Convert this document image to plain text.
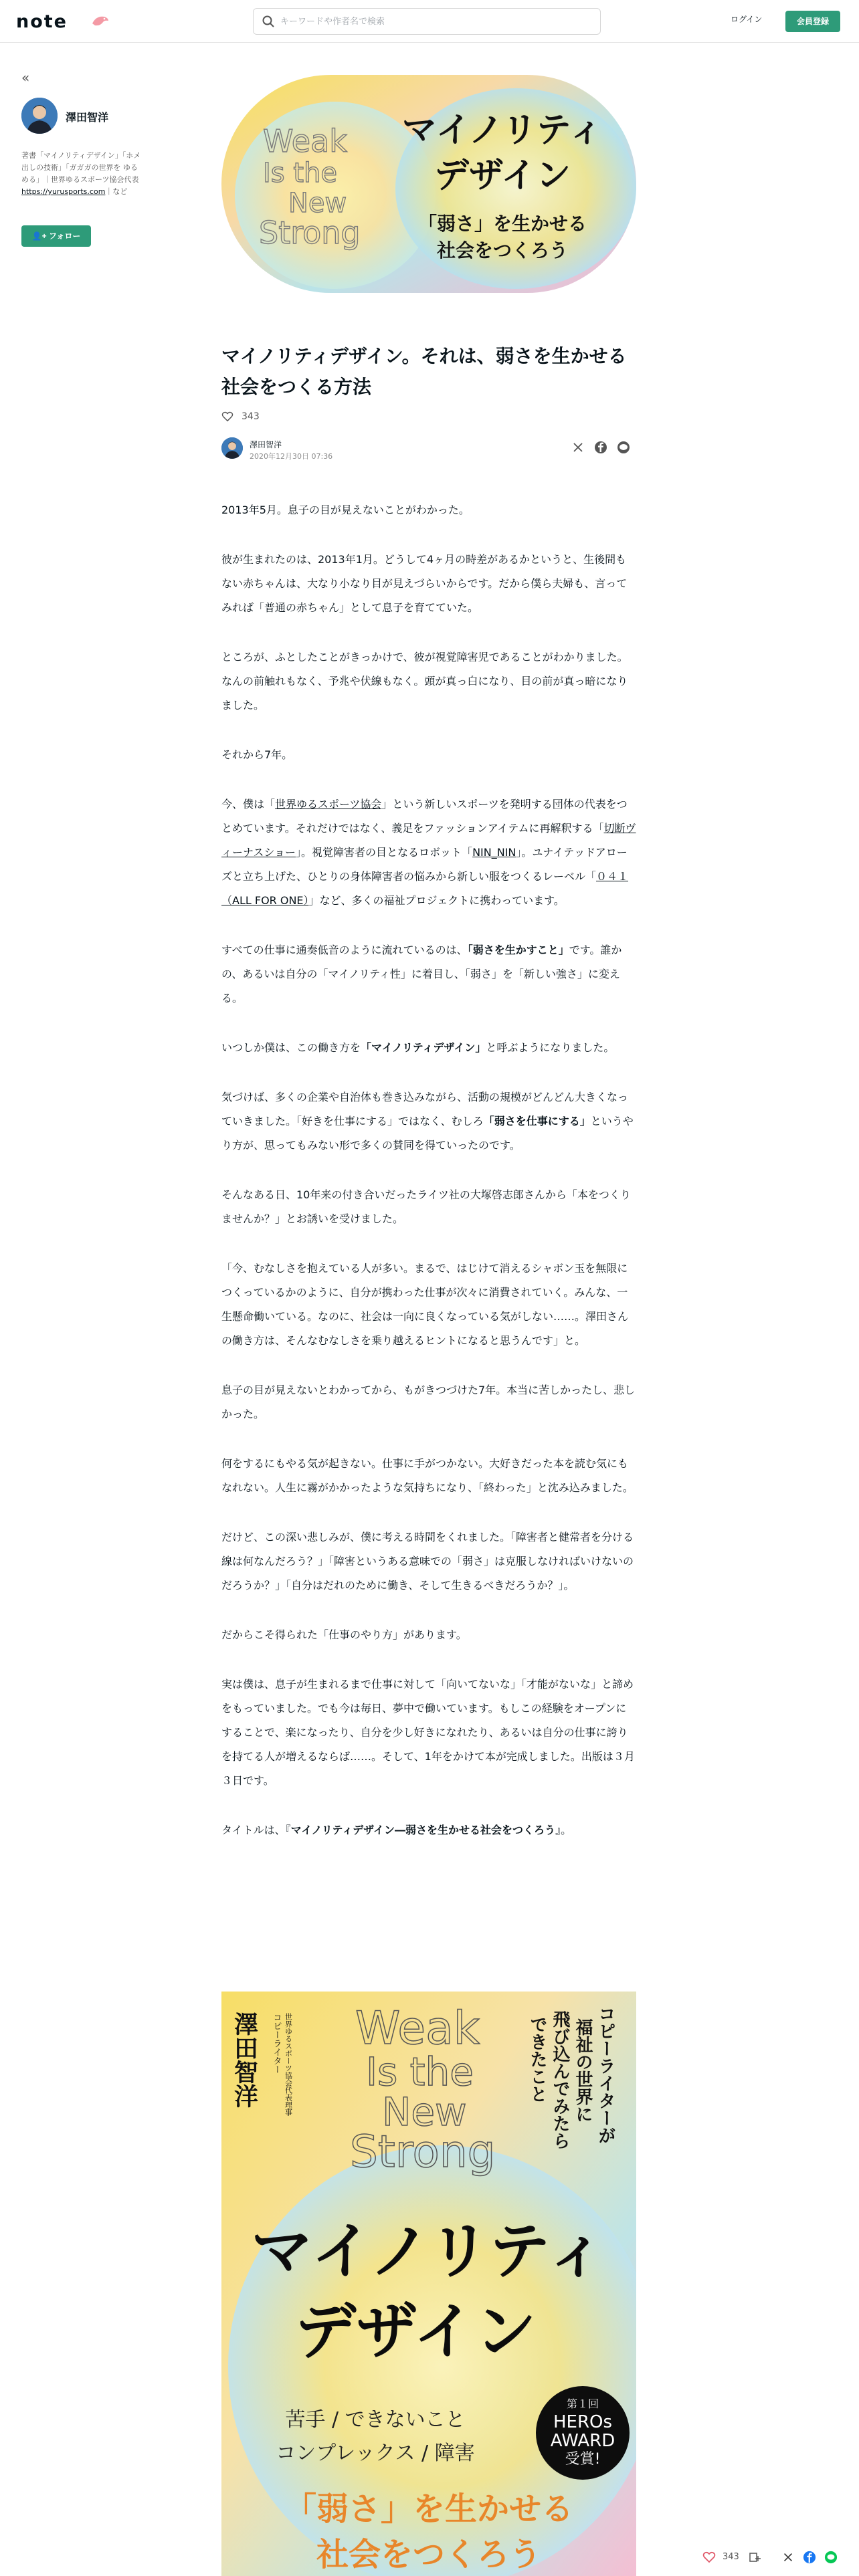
note
キーワードや作者名で検索	ログイン	会員登録
«
澤田智洋
著書「マイノリティデザイン」「ホメ出しの技術」「ガガガの世界を ゆるめる」｜世界ゆるスポーツ協会代表
https://yurusports.com｜など
👤+ フォロー
Weak
Is the
New
Strong
マイノリティ
デザイン
「弱さ」を生かせる
社会をつくろう
マイノリティデザイン。それは、弱さを生かせる社会をつくる方法
343
澤田智洋
2020年12月30日 07:36

2013年5月。息子の目が見えないことがわかった。

彼が生まれたのは、2013年1月。どうして4ヶ月の時差があるかというと、生後間もない赤ちゃんは、大なり小なり目が見えづらいからです。だから僕ら夫婦も、言ってみれば「普通の赤ちゃん」として息子を育てていた。

ところが、ふとしたことがきっかけで、彼が視覚障害児であることがわかりました。なんの前触れもなく、予兆や伏線もなく。頭が真っ白になり、目の前が真っ暗になりました。

それから7年。

今、僕は「世界ゆるスポーツ協会」という新しいスポーツを発明する団体の代表をつとめています。それだけではなく、義足をファッションアイテムに再解釈する「切断ヴィーナスショー」。視覚障害者の目となるロボット「NIN_NIN」。ユナイテッドアローズと立ち上げた、ひとりの身体障害者の悩みから新しい服をつくるレーベル「０４１（ALL FOR ONE）」など、多くの福祉プロジェクトに携わっています。

すべての仕事に通奏低音のように流れているのは、「弱さを生かすこと」です。誰かの、あるいは自分の「マイノリティ性」に着目し、「弱さ」を「新しい強さ」に変える。

いつしか僕は、この働き方を「マイノリティデザイン」と呼ぶようになりました。

気づけば、多くの企業や自治体も巻き込みながら、活動の規模がどんどん大きくなっていきました。「好きを仕事にする」ではなく、むしろ「弱さを仕事にする」というやり方が、思ってもみない形で多くの賛同を得ていったのです。

そんなある日、10年来の付き合いだったライツ社の大塚啓志郎さんから「本をつくりませんか？」とお誘いを受けました。

「今、むなしさを抱えている人が多い。まるで、はじけて消えるシャボン玉を無限につくっているかのように、自分が携わった仕事が次々に消費されていく。みんな、一生懸命働いている。なのに、社会は一向に良くなっている気がしない……。澤田さんの働き方は、そんなむなしさを乗り越えるヒントになると思うんです」と。

息子の目が見えないとわかってから、もがきつづけた7年。本当に苦しかったし、悲しかった。

何をするにもやる気が起きない。仕事に手がつかない。大好きだった本を読む気にもなれない。人生に霧がかかったような気持ちになり、「終わった」と沈み込みました。

だけど、この深い悲しみが、僕に考える時間をくれました。「障害者と健常者を分ける線は何なんだろう？」「障害というある意味での「弱さ」は克服しなければいけないのだろうか？」「自分はだれのために働き、そして生きるべきだろうか？」。

だからこそ得られた「仕事のやり方」があります。

実は僕は、息子が生まれるまで仕事に対して「向いてないな」「才能がないな」と諦めをもっていました。でも今は毎日、夢中で働いています。もしこの経験をオープンにすることで、楽になったり、自分を少し好きになれたり、あるいは自分の仕事に誇りを持てる人が増えるならば……。そして、1年をかけて本が完成しました。出版は３月３日です。

タイトルは、『マイノリティデザイン―弱さを生かせる社会をつくろう』。

澤田智洋 コピーライター 世界ゆるスポーツ協会代表理事 Weak
Is the
New
Strong
コピーライターが
福祉の世界に
飛び込んでみたら
できたこと
マイノリティ
デザイン
苦手 / できないこと
コンプレックス / 障害
第１回
HEROs
AWARD
受賞!
「弱さ」を生かせる
社会をつくろう	343
